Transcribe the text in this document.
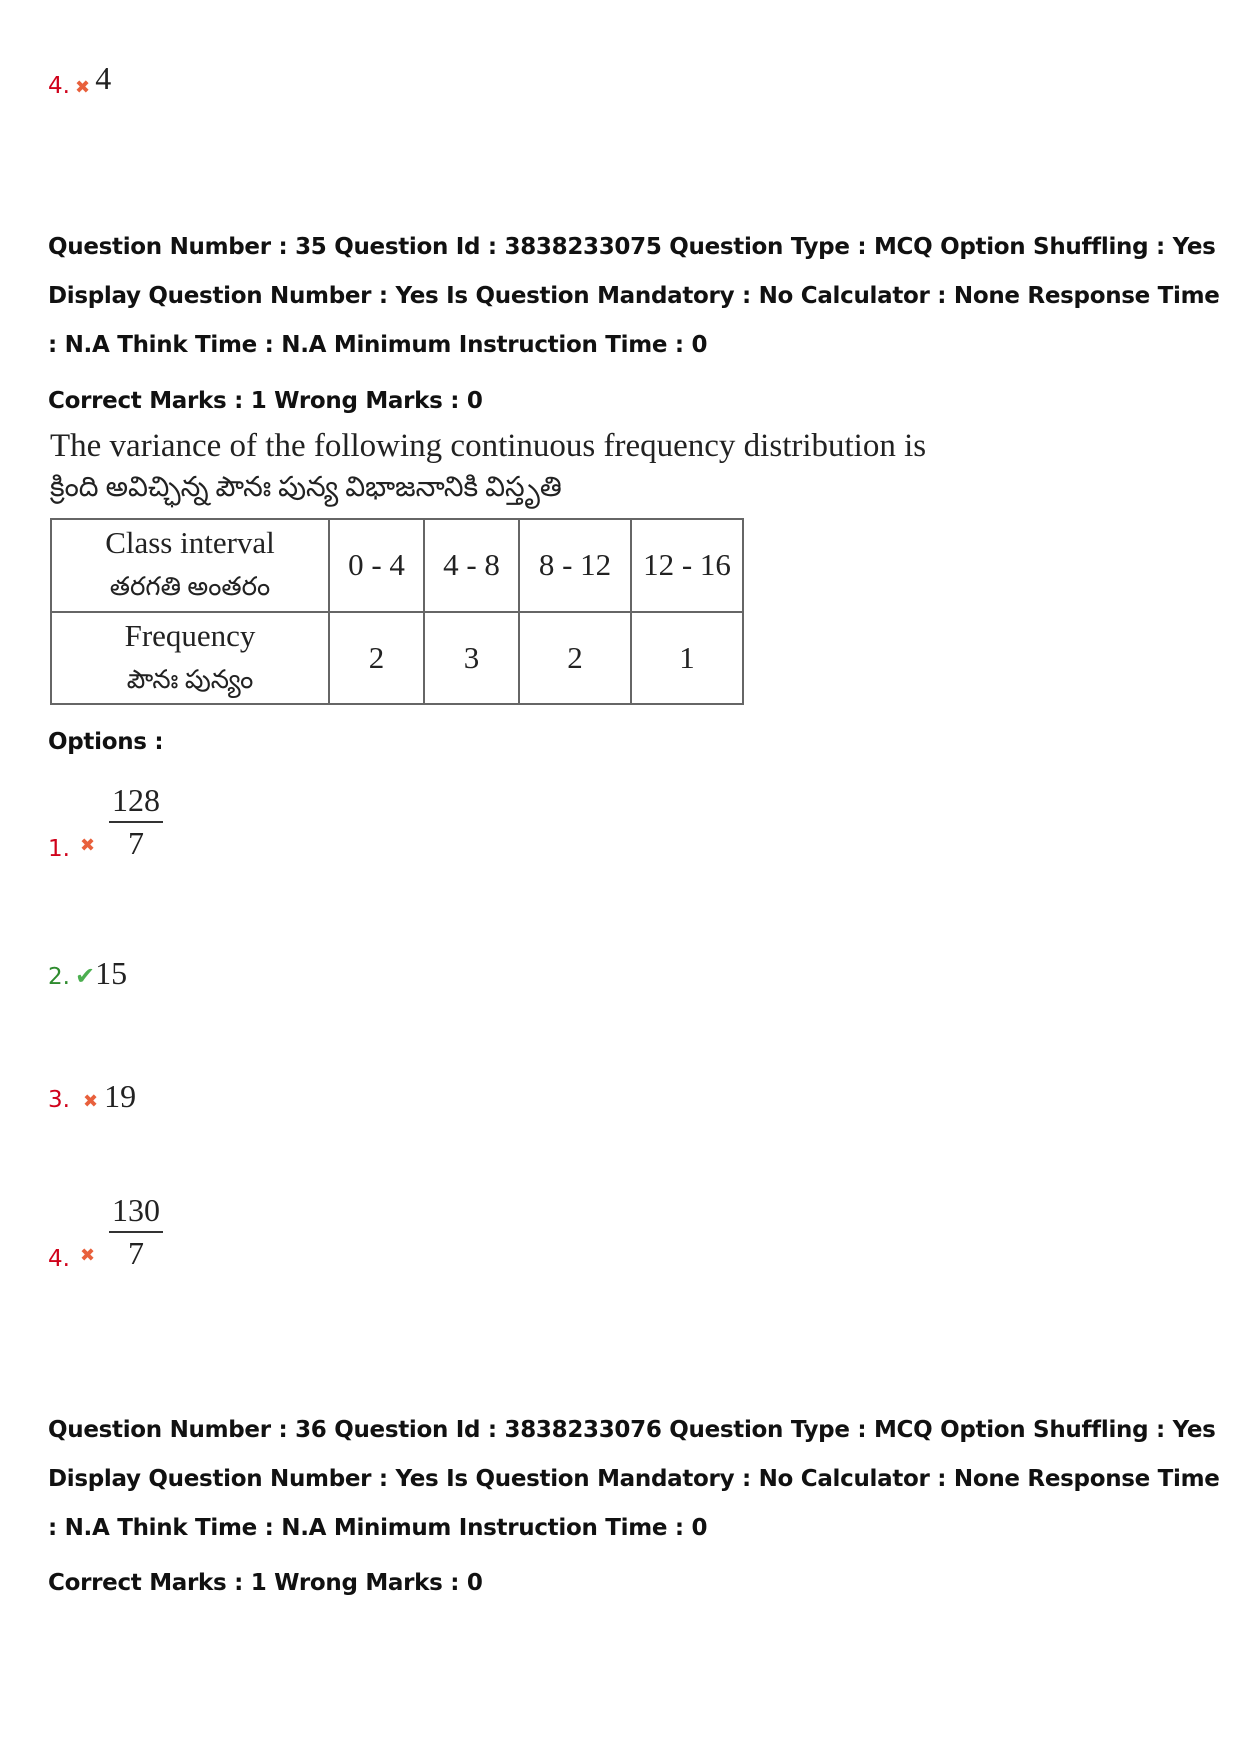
4. ✖ 4
Question Number : 35 Question Id : 3838233075 Question Type : MCQ Option Shuffling : Yes
Display Question Number : Yes Is Question Mandatory : No Calculator : None Response Time
: N.A Think Time : N.A Minimum Instruction Time : 0
Correct Marks : 1 Wrong Marks : 0
The variance of the following continuous frequency distribution is
క్రింది అవిచ్ఛిన్న పౌనః పున్య విభాజనానికి విస్తృతి
Class interval
తరగతి అంతరం	0 - 4	4 - 8	8 - 12	12 - 16

Frequency
పౌనః పున్యం	2	3	2	1
Options :
1. ✖ $\frac{128}{7}$
2. ✔15
3. ✖ 19
4. ✖ $\frac{130}{7}$
Question Number : 36 Question Id : 3838233076 Question Type : MCQ Option Shuffling : Yes
Display Question Number : Yes Is Question Mandatory : No Calculator : None Response Time
: N.A Think Time : N.A Minimum Instruction Time : 0
Correct Marks : 1 Wrong Marks : 0
